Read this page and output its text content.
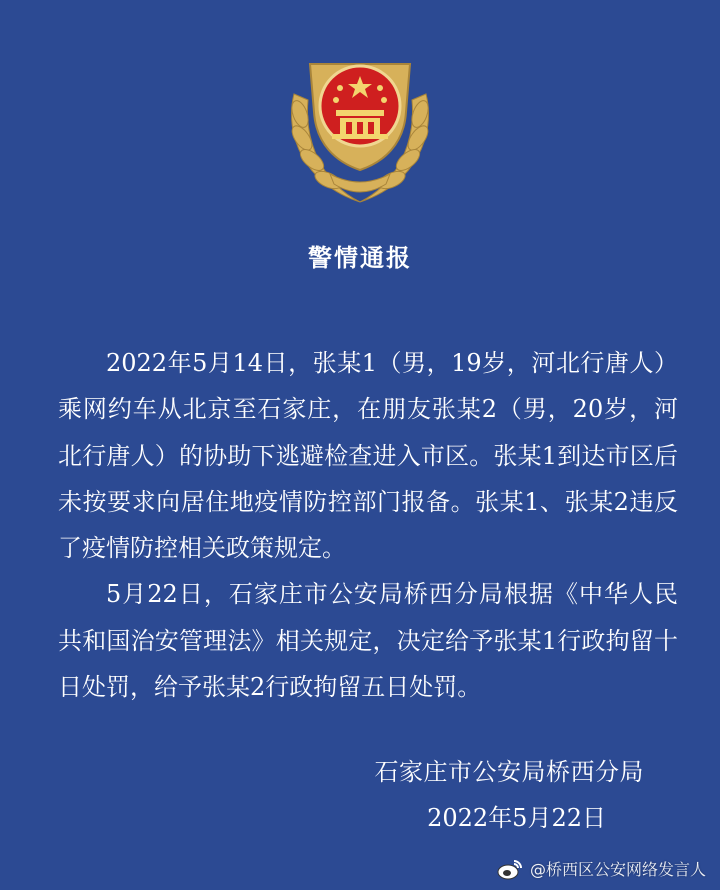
警情通报

2022年5月14日，张某1（男，19岁，河北行唐人）乘网约车从北京至石家庄，在朋友张某2（男，20岁，河北行唐人）的协助下逃避检查进入市区。张某1到达市区后未按要求向居住地疫情防控部门报备。张某1、张某2违反了疫情防控相关政策规定。

5月22日，石家庄市公安局桥西分局根据《中华人民共和国治安管理法》相关规定，决定给予张某1行政拘留十日处罚，给予张某2行政拘留五日处罚。

石家庄市公安局桥西分局
2022年5月22日
@桥西区公安网络发言人
